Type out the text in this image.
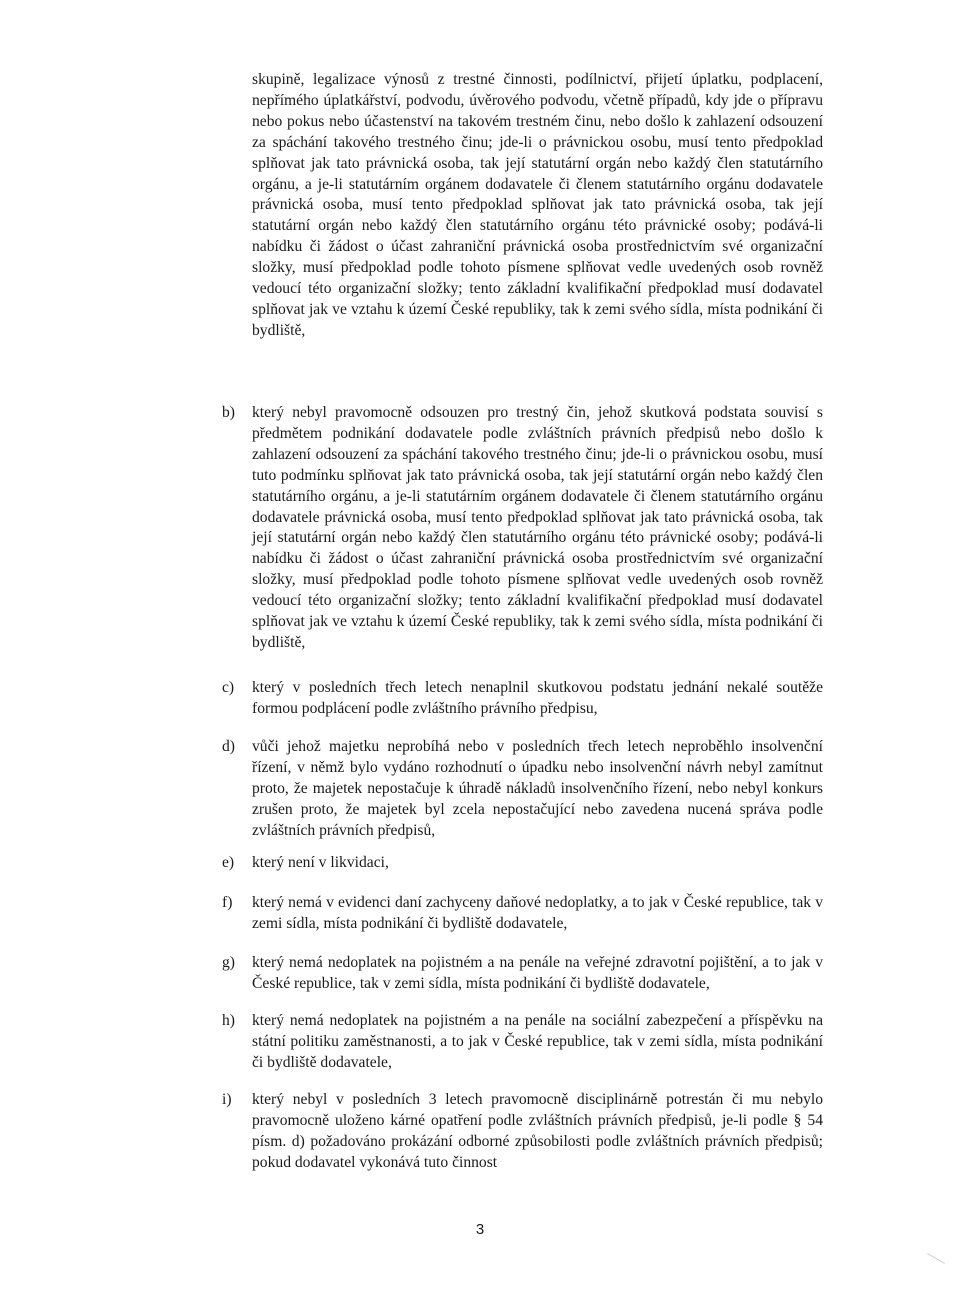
skupině, legalizace výnosů z trestné činnosti, podílnictví, přijetí úplatku, podplacení, nepřímého úplatkářství, podvodu, úvěrového podvodu, včetně případů, kdy jde o přípravu nebo pokus nebo účastenství na takovém trestném činu, nebo došlo k zahlazení odsouzení za spáchání takového trestného činu; jde-li o právnickou osobu, musí tento předpoklad splňovat jak tato právnická osoba, tak její statutární orgán nebo každý člen statutárního orgánu, a je-li statutárním orgánem dodavatele či členem statutárního orgánu dodavatele právnická osoba, musí tento předpoklad splňovat jak tato právnická osoba, tak její statutární orgán nebo každý člen statutárního orgánu této právnické osoby; podává-li nabídku či žádost o účast zahraniční právnická osoba prostřednictvím své organizační složky, musí předpoklad podle tohoto písmene splňovat vedle uvedených osob rovněž vedoucí této organizační složky; tento základní kvalifikační předpoklad musí dodavatel splňovat jak ve vztahu k území České republiky, tak k zemi svého sídla, místa podnikání či bydliště,
b) který nebyl pravomocně odsouzen pro trestný čin, jehož skutková podstata souvisí s předmětem podnikání dodavatele podle zvláštních právních předpisů nebo došlo k zahlazení odsouzení za spáchání takového trestného činu; jde-li o právnickou osobu, musí tuto podmínku splňovat jak tato právnická osoba, tak její statutární orgán nebo každý člen statutárního orgánu, a je-li statutárním orgánem dodavatele či členem statutárního orgánu dodavatele právnická osoba, musí tento předpoklad splňovat jak tato právnická osoba, tak její statutární orgán nebo každý člen statutárního orgánu této právnické osoby; podává-li nabídku či žádost o účast zahraniční právnická osoba prostřednictvím své organizační složky, musí předpoklad podle tohoto písmene splňovat vedle uvedených osob rovněž vedoucí této organizační složky; tento základní kvalifikační předpoklad musí dodavatel splňovat jak ve vztahu k území České republiky, tak k zemi svého sídla, místa podnikání či bydliště,
c) který v posledních třech letech nenaplnil skutkovou podstatu jednání nekalé soutěže formou podplácení podle zvláštního právního předpisu,
d) vůči jehož majetku neprobíhá nebo v posledních třech letech neproběhlo insolvenční řízení, v němž bylo vydáno rozhodnutí o úpadku nebo insolvenční návrh nebyl zamítnut proto, že majetek nepostačuje k úhradě nákladů insolvenčního řízení, nebo nebyl konkurs zrušen proto, že majetek byl zcela nepostačující nebo zavedena nucená správa podle zvláštních právních předpisů,
e) který není v likvidaci,
f) který nemá v evidenci daní zachyceny daňové nedoplatky, a to jak v České republice, tak v zemi sídla, místa podnikání či bydliště dodavatele,
g) který nemá nedoplatek na pojistném a na penále na veřejné zdravotní pojištění, a to jak v České republice, tak v zemi sídla, místa podnikání či bydliště dodavatele,
h) který nemá nedoplatek na pojistném a na penále na sociální zabezpečení a příspěvku na státní politiku zaměstnanosti, a to jak v České republice, tak v zemi sídla, místa podnikání či bydliště dodavatele,
i) který nebyl v posledních 3 letech pravomocně disciplinárně potrestán či mu nebylo pravomocně uloženo kárné opatření podle zvláštních právních předpisů, je-li podle § 54 písm. d) požadováno prokázání odborné způsobilosti podle zvláštních právních předpisů; pokud dodavatel vykonává tuto činnost
3
